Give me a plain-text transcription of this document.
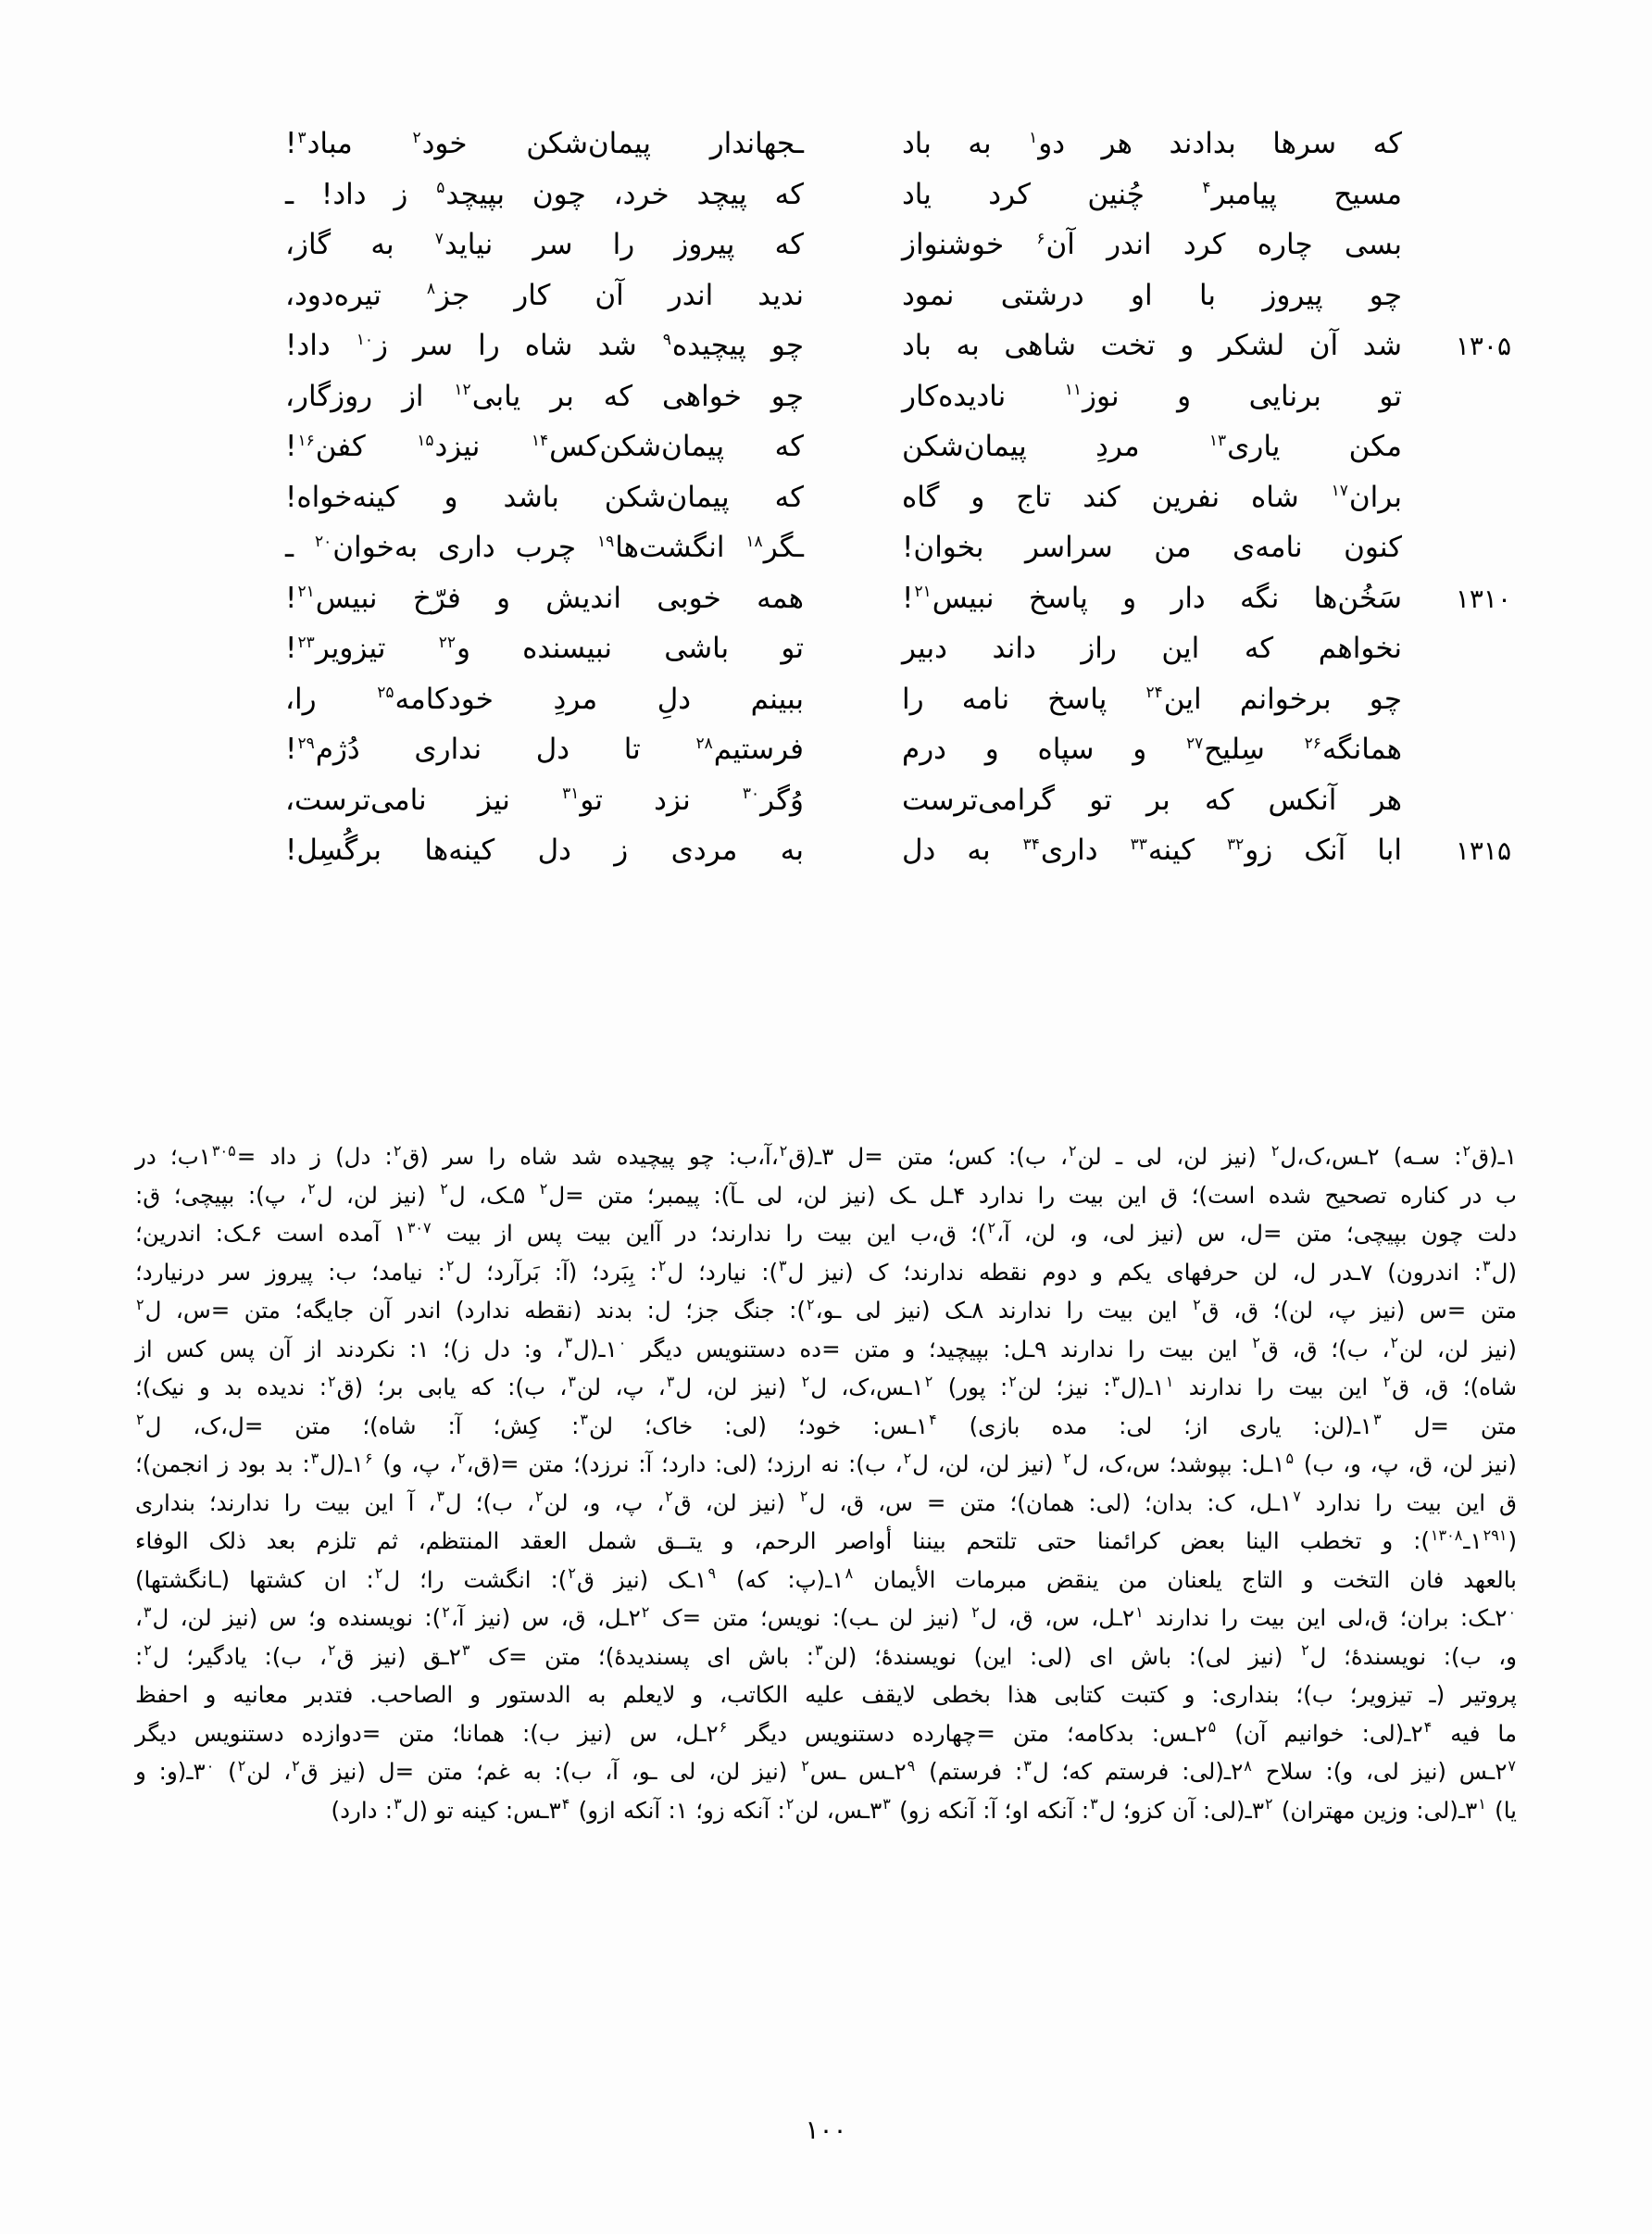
كه سرها بدادند هر دو$^۱$ به باد
ـجهاندار پیمان‌شکن خود$^۲$ مباد$^۳$!
مسیح پیامبر$^۴$ چُنین کرد یاد
که پیچد خرد، چون بپیچد$^۵$ ز داد! ـ
بسی چاره کرد اندر آن$^۶$ خوشنواز
که پیروز را سر نیاید$^۷$ به گاز،
چو پیروز با او درشتی نمود
ندید اندر آن کار جز$^۸$ تیره‌دود،
۱۳۰۵
شد آن لشکر و تخت شاهی به باد
چو پیچیده$^۹$ شد شاه را سر ز$^{۱۰}$ داد!
تو برنایی و نوز$^{۱۱}$ نادیده‌کار
چو خواهی که بر یابی$^{۱۲}$ از روزگار،
مکن یاری$^{۱۳}$ مردِ پیمان‌شکن
که پیمان‌شکن‌کس$^{۱۴}$ نیزد$^{۱۵}$ کفن$^{۱۶}$!
بران$^{۱۷}$ شاه نفرین کند تاج و گاه
که پیمان‌شکن باشد و کینه‌خواه!
کنون نامه‌ی من سراسر بخوان!
ـگر$^{۱۸}$ انگشت‌ها$^{۱۹}$ چرب داری به‌خوان$^{۲۰}$ ـ
۱۳۱۰
سَخُن‌ها نگه دار و پاسخ نبیس$^{۲۱}$!
همه خوبی اندیش و فرّخ نبیس$^{۲۱}$!
نخواهم که این راز داند دبیر
تو باشی نبیسنده و$^{۲۲}$ تیزویر$^{۲۳}$!
چو برخوانم این$^{۲۴}$ پاسخ نامه را
ببینم دلِ مردِ خودکامه$^{۲۵}$ را،
همانگه$^{۲۶}$ سِلیح$^{۲۷}$ و سپاه و درم
فرستیم$^{۲۸}$ تا دل نداری دُژم$^{۲۹}$!
هر آنکس که بر تو گرامی‌ترست
وُگر$^{۳۰}$ نزد تو$^{۳۱}$ نیز نامی‌ترست،
۱۳۱۵
ابا آنک زو$^{۳۲}$ کینه$^{۳۳}$ داری$^{۳۴}$ به دل
به مردی ز دل کینه‌ها برگُسِل!

۱ـ(ق$^۲$: سـه) ۲ـس،ک،ل$^۲$ (نیز لن، لی ـ لن$^۲$، ب): کس؛ متن =ل ۳ـ(ق$^۲$،آ،ب: چو پیچیده شد شاه را سر (ق$^۲$: دل) ز داد =۱$^{۳۰۵}$ب؛ در

ب در کناره تصحیح شده است)؛ ق این بیت را ندارد ۴ـل ـک (نیز لن، لی ـآ): پیمبر؛ متن =ل$^۲$ ۵ـک، ل$^۲$ (نیز لن، ل$^۲$، پ): بپیچی؛ ق:

دلت چون بپیچی؛ متن =ل، س (نیز لی، و، لن، آ،$^۲$)؛ ق،ب این بیت را ندارند؛ در آاین بیت پس از بیت ۱$^{۳۰۷}$ آمده است ۶ـک: اندرین؛

(ل$^۳$: اندرون) ۷ـدر ل، لن حرفهای یکم و دوم نقطه ندارند؛ ک (نیز ل$^۳$): نیارد؛ ل$^۲$: بِبَرد؛ (آ: بَرآرد؛ ل$^۲$: نیامد؛ ب: پیروز سر درنیارد؛

متن =س (نیز پ، لن)؛ ق، ق$^۲$ این بیت را ندارند ۸ـک (نیز لی ـو،$^۲$): جنگ جز؛ ل: بدند (نقطه ندارد) اندر آن جایگه؛ متن =س، ل$^۲$

(نیز لن، لن$^۲$، ب)؛ ق، ق$^۲$ این بیت را ندارند ۹ـل: بپیچید؛ و متن =ده دستنویس دیگر ۱$^۰$ـ(ل$^۳$، و: دل ز)؛ ۱: نکردند از آن پس کس از

شاه)؛ ق، ق$^۲$ این بیت را ندارند ۱$^۱$ـ(ل$^۳$: نیز؛ لن$^۲$: پور) ۱$^۲$ـس،ک، ل$^۲$ (نیز لن، ل$^۳$، پ، لن$^۳$، ب): که یابی بر؛ (ق$^۲$: ندیده بد و نیک)؛

متن =ل ۱$^۳$ـ(لن: یاری از؛ لی: مده بازی) ۱$^۴$ـس: خود؛ (لی: خاک؛ لن$^۳$: کِش؛ آ: شاه)؛ متن =ل،ک، ل$^۲$

(نیز لن، ق، پ، و، ب) ۱$^۵$ـل: بپوشد؛ س،ک، ل$^۲$ (نیز لن، لن، ل$^۲$، ب): نه ارزد؛ (لی: دارد؛ آ: نرزد)؛ متن =(ق،$^۲$، پ، و) ۱$^۶$ـ(ل$^۳$: بد بود ز انجمن)؛

ق این بیت را ندارد ۱$^۷$ـل، ک: بدان؛ (لی: همان)؛ متن = س، ق، ل$^۲$ (نیز لن، ق$^۲$، پ، و، لن$^۲$، ب)؛ ل$^۳$، آ این بیت را ندارند؛ بنداری

(۱$^{۲۹۱}$ـ$^{۱۳۰۸}$): و تخطب الینا بعض کرائمنا حتی تلتحم بیننا أواصر الرحم، و یتــق شمل العقد المنتظم، ثم تلزم بعد ذلک الوفاء

بالعهد فان التخت و التاج یلعنان من ینقض مبرمات الأیمان ۱$^۸$ـ(پ: که) ۱$^۹$ـک (نیز ق$^۲$): انگشت را؛ ل$^۲$: ان کشتها (ـانگشتها)

۲$^۰$ـک: بران؛ ق،لی این بیت را ندارند ۲$^۱$ـل، س، ق، ل$^۲$ (نیز لن ـب): نویس؛ متن =ک ۲$^۲$ـل، ق، س (نیز آ،$^۲$): نویسنده و؛ س (نیز لن، ل$^۳$،

و، ب): نویسندهٔ؛ ل$^۲$ (نیز لی): باش ای (لی: این) نویسندهٔ؛ (لن$^۳$: باش ای پسندیدهٔ)؛ متن =ک ۲$^۳$ـق (نیز ق$^۲$، ب): یادگیر؛ ل$^۲$:

پروتیر (ـ تیزویر؛ ب)؛ بنداری: و کتبت کتابی هذا بخطی لایقف علیه الکاتب، و لایعلم به الدستور و الصاحب. فتدبر معانیه و احفظ

ما فیه ۲$^۴$ـ(لی: خوانیم آن) ۲$^۵$ـس: بدکامه؛ متن =چهارده دستنویس دیگر ۲$^۶$ـل، س (نیز ب): همانا؛ متن =دوازده دستنویس دیگر

۲$^۷$ـس (نیز لی، و): سلاح ۲$^۸$ـ(لی: فرستم که؛ ل$^۳$: فرستم) ۲$^۹$ـس ـس$^۲$ (نیز لن، لی ـو، آ، ب): به غم؛ متن =ل (نیز ق$^۲$، لن$^۲$) ۳$^۰$ـ(و: و

یا) ۳$^۱$ـ(لی: وزین مهتران) ۳$^۲$ـ(لی: آن کزو؛ ل$^۳$: آنکه او؛ آ: آنکه زو) ۳$^۳$ـس، لن$^۲$: آنکه زو؛ ۱: آنکه ازو) ۳$^۴$ـس: کینه تو (ل$^۳$: دارد)

۱۰۰
